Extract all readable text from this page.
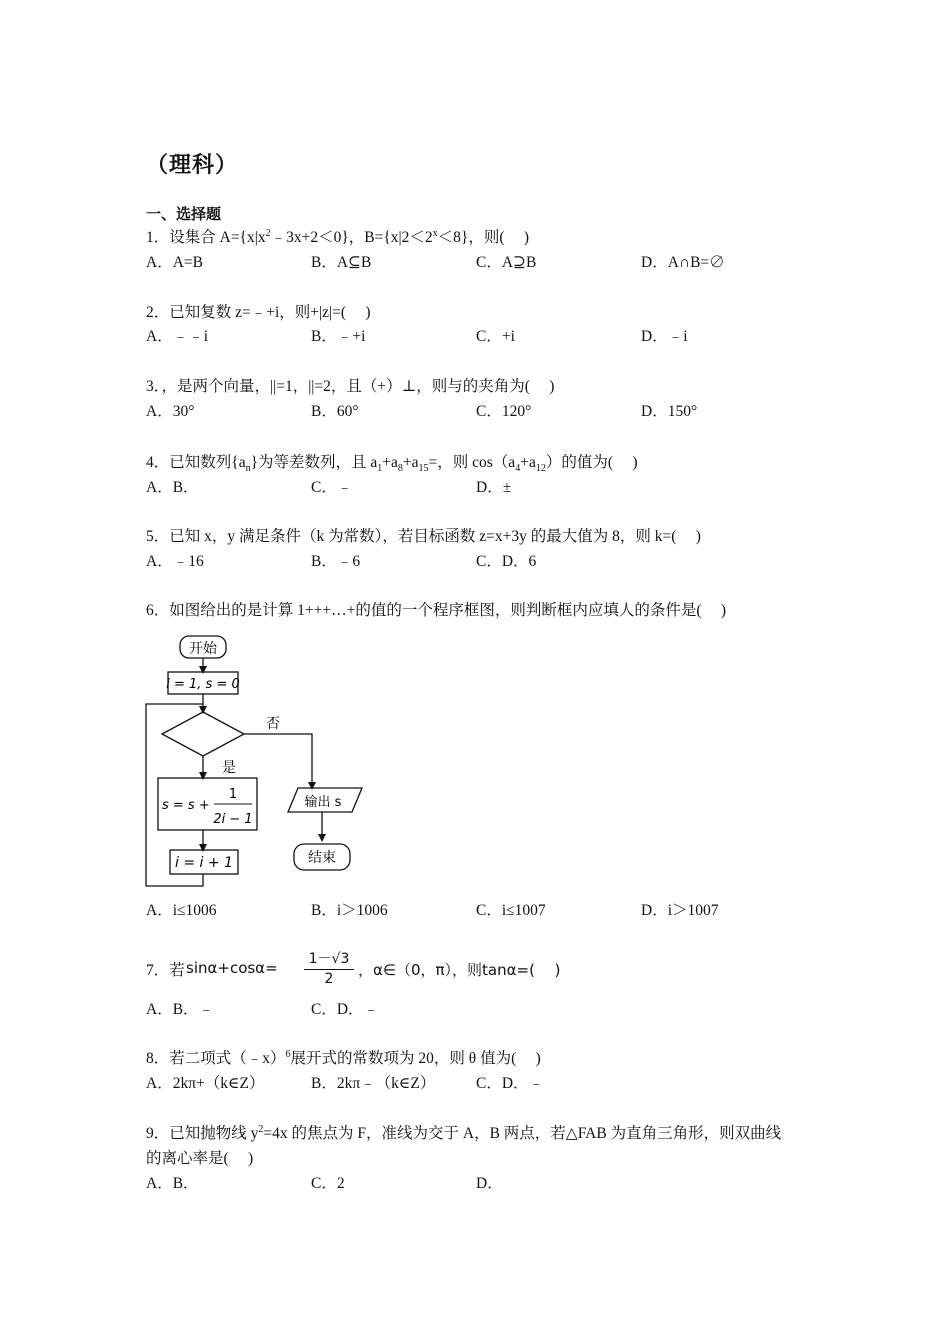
（理科）
一、选择题
1．设集合 $A=\{x|x^2﹣3x+2<0\}$，$B=\{x|2<2^x<8\}$，则(　 )
A．A=B	B．A⊆B	C．A⊇B	D．A∩B=∅
2．已知复数 z=﹣+i，则+|z|=(　 )
A．﹣﹣i	B．﹣+i	C．+i	D．﹣i
3．，是两个向量，||=1，||=2，且（+）⊥，则与的夹角为(　 )
A．30°	B．60°	C．120°	D．150°
4．已知数列$\{a_n\}$为等差数列，且 $a_1+a_8+a_{15}=$，则 $\cos(a_4+a_{12})$的值为(　 )
A．B．	C．﹣	D．±
5．已知 x，y 满足条件（k 为常数），若目标函数 z=x+3y 的最大值为 8，则 k=(　 )
A．﹣16	B．﹣6	C．D．6
6．如图给出的是计算 1+++…+的值的一个程序框图，则判断框内应填人的条件是(　 )
开始
i = 1, s = 0
否
是
s = s +
1
2i − 1
输出 s
结束
i = i + 1
A．i≤1006	B．i＞1006	C．i≤1007	D．i＞1007
7．若 sinα+cosα= 1－√3
2	，α∈（0，π），则tanα=(　 )
A．B．﹣	C．D．﹣
8．若二项式（﹣x）$^6$展开式的常数项为 20，则 θ 值为(　 )
A．2kπ+（k∈Z）	B．2kπ﹣（k∈Z）	C．D．﹣
9．已知抛物线 $y^2=4x$ 的焦点为 F，准线为交于 A，B 两点，若△FAB 为直角三角形，则双曲线
的离心率是(　 )
A．B．	C．2	D．
